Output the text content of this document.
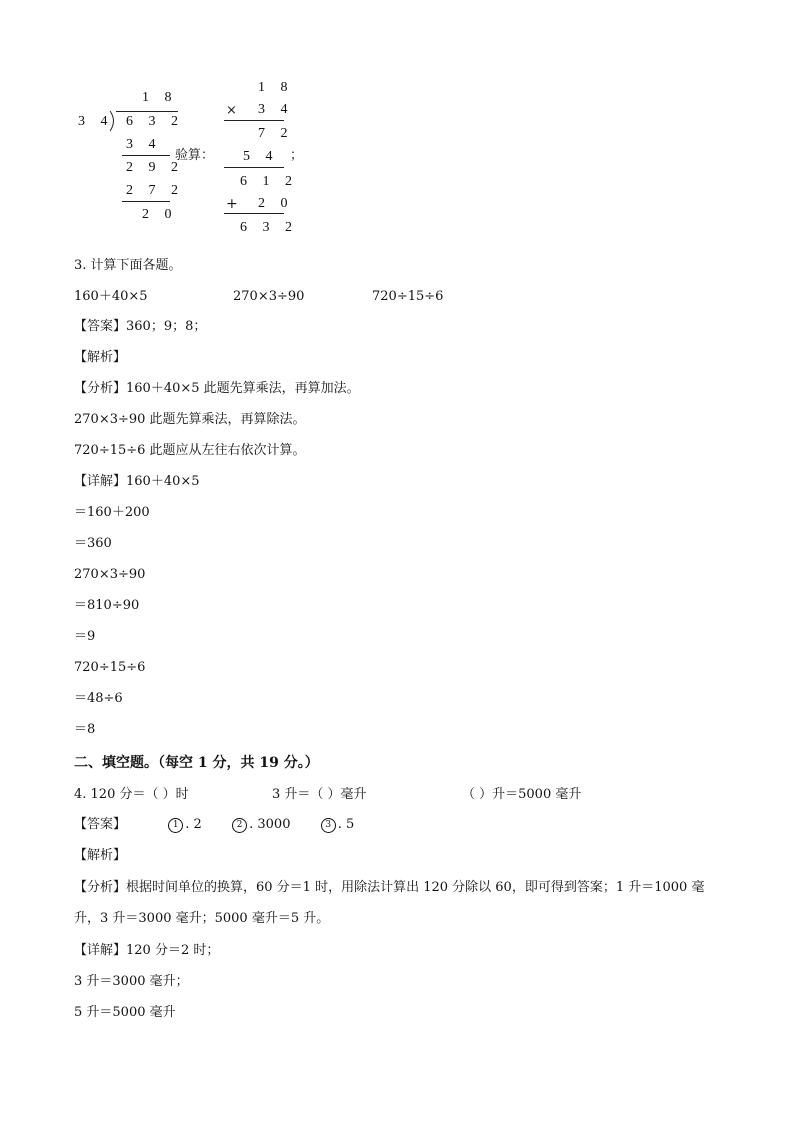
1 8
3 4 6 3 2
3 4
2 9 2
2 7 2
2 0
验算：
1 8
× 3 4
7 2
5 4
6 1 2
+ 2 0
6 3 2
；
3. 计算下面各题。
160＋40×5	270×3÷90	720÷15÷6
【答案】360；9；8；
【解析】
【分析】160＋40×5 此题先算乘法，再算加法。
270×3÷90 此题先算乘法，再算除法。
720÷15÷6 此题应从左往右依次计算。
【详解】160＋40×5
＝160＋200
＝360
270×3÷90
＝810÷90
＝9
720÷15÷6
＝48÷6
＝8
二、填空题。（每空 1 分，共 19 分。）
4. 120 分＝（ ）时	3 升＝（ ）毫升	（ ）升＝5000 毫升
【答案】	1 . 2	2 . 3000	3 . 5
【解析】
【分析】根据时间单位的换算，60 分＝1 时，用除法计算出 120 分除以 60，即可得到答案；1 升＝1000 毫
升，3 升＝3000 毫升；5000 毫升＝5 升。
【详解】120 分＝2 时；
3 升＝3000 毫升；
5 升＝5000 毫升
